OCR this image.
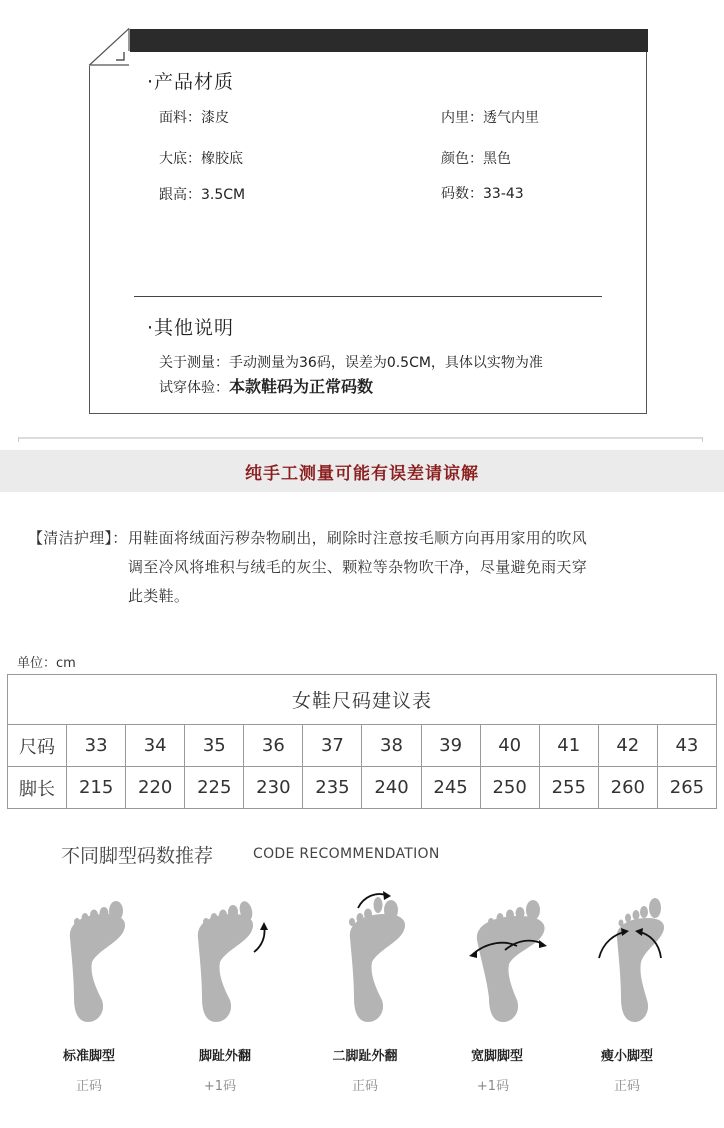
·产品材质
面料：漆皮	内里：透气内里
大底：橡胶底	颜色：黑色
跟高：3.5CM	码数：33-43
·其他说明
关于测量：手动测量为36码，误差为0.5CM，具体以实物为准
试穿体验：本款鞋码为正常码数
纯手工测量可能有误差请谅解
【清洁护理】： 用鞋面将绒面污秽杂物刷出，刷除时注意按毛顺方向再用家用的吹风
调至冷风将堆积与绒毛的灰尘、颗粒等杂物吹干净，尽量避免雨天穿
此类鞋。
单位：cm
女鞋尺码建议表											
尺码	33	34	35	36	37	38	39	40	41	42	43
脚长	215	220	225	230	235	240	245	250	255	260	265
不同脚型码数推荐	CODE RECOMMENDATION
标准脚型
正码
脚趾外翻
+1码
二脚趾外翻
正码
宽脚脚型
+1码
瘦小脚型
正码
